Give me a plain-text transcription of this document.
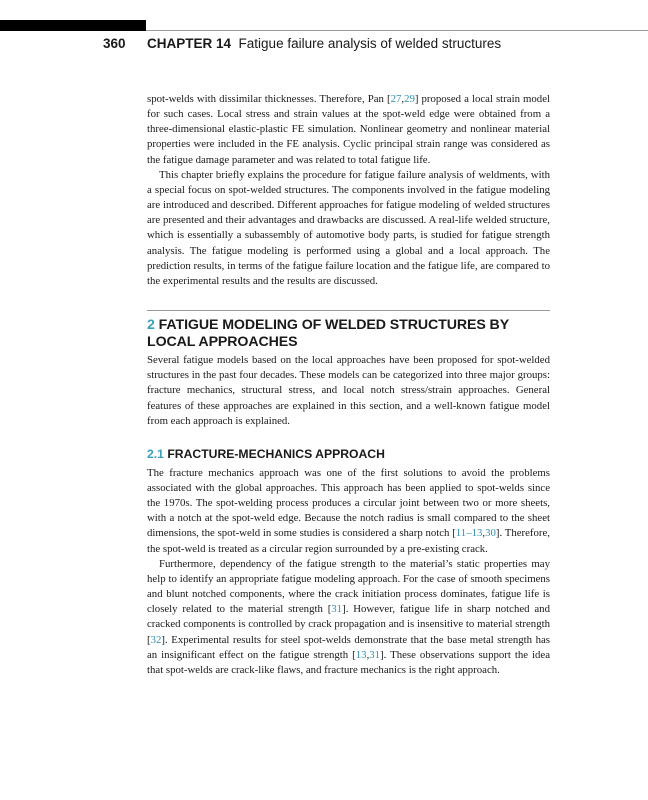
360 CHAPTER 14 Fatigue failure analysis of welded structures

spot-welds with dissimilar thicknesses. Therefore, Pan [27,29] proposed a local strain model for such cases. Local stress and strain values at the spot-weld edge were obtained from a three-dimensional elastic-plastic FE simulation. Nonlinear geometry and nonlinear material properties were included in the FE analysis. Cyclic principal strain range was considered as the fatigue damage parameter and was related to total fatigue life.

This chapter briefly explains the procedure for fatigue failure analysis of weldments, with a special focus on spot-welded structures. The components involved in the fatigue modeling are introduced and described. Different approaches for fatigue modeling of welded structures are presented and their advantages and drawbacks are discussed. A real-life welded structure, which is essentially a subassembly of automotive body parts, is studied for fatigue strength analysis. The fatigue modeling is performed using a global and a local approach. The prediction results, in terms of the fatigue failure location and the fatigue life, are compared to the experimental results and the results are discussed.

2 FATIGUE MODELING OF WELDED STRUCTURES BY LOCAL APPROACHES

Several fatigue models based on the local approaches have been proposed for spot-welded structures in the past four decades. These models can be categorized into three major groups: fracture mechanics, structural stress, and local notch stress/strain approaches. General features of these approaches are explained in this section, and a well-known fatigue model from each approach is explained.

2.1 FRACTURE-MECHANICS APPROACH

The fracture mechanics approach was one of the first solutions to avoid the problems associated with the global approaches. This approach has been applied to spot-welds since the 1970s. The spot-welding process produces a circular joint between two or more sheets, with a notch at the spot-weld edge. Because the notch radius is small compared to the sheet dimensions, the spot-weld in some studies is considered a sharp notch [11–13,30]. Therefore, the spot-weld is treated as a circular region surrounded by a pre-existing crack.

Furthermore, dependency of the fatigue strength to the material’s static properties may help to identify an appropriate fatigue modeling approach. For the case of smooth specimens and blunt notched components, where the crack initiation process dominates, fatigue life is closely related to the material strength [31]. However, fatigue life in sharp notched and cracked components is controlled by crack propagation and is insensitive to material strength [32]. Experimental results for steel spot-welds demonstrate that the base metal strength has an insignificant effect on the fatigue strength [13,31]. These observations support the idea that spot-welds are crack-like flaws, and fracture mechanics is the right approach.
